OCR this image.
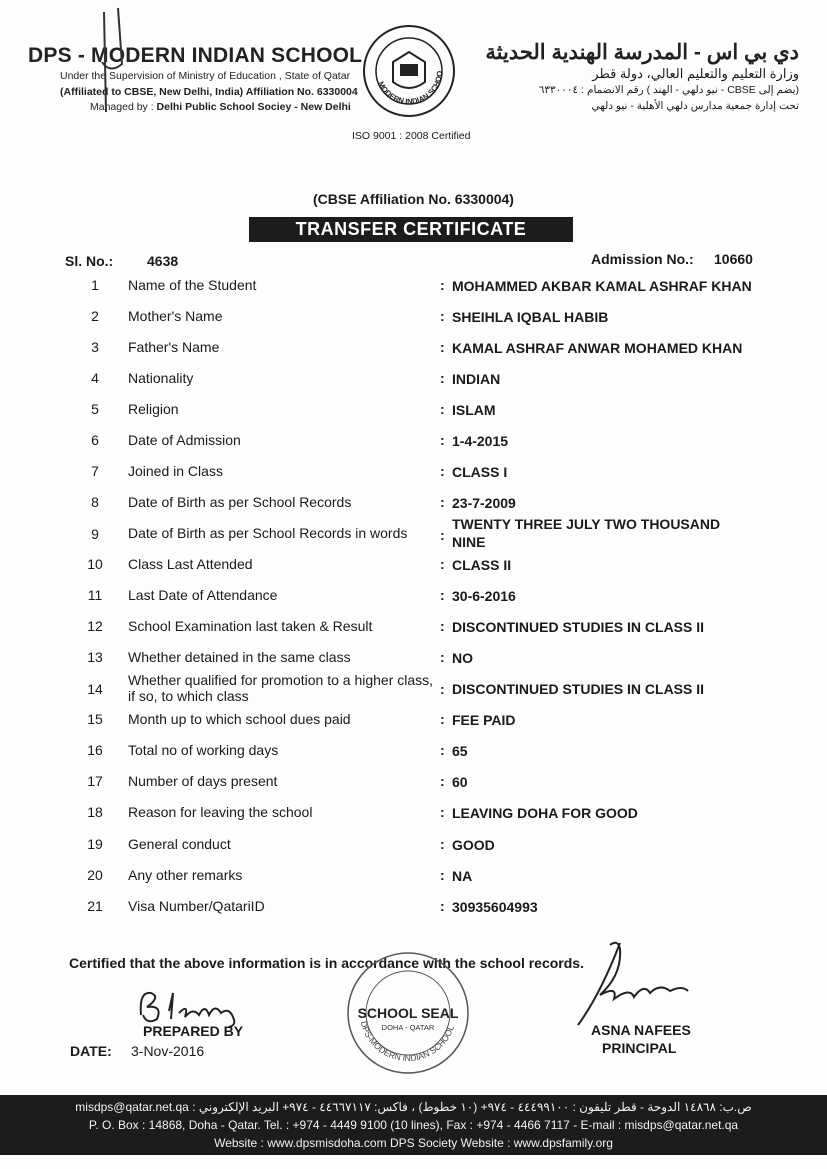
DPS - MODERN INDIAN SCHOOL
Under the Supervision of Ministry of Education , State of Qatar
(Affiliated to CBSE, New Delhi, India) Affiliation No. 6330004
Managed by : Delhi Public School Sociey - New Delhi
MODERN INDIAN SCHOO
ISO 9001 : 2008 Certified
دي بي اس - المدرسة الهندية الحديثة
وزارة التعليم والتعليم العالي، دولة قطر
(يضم إلى CBSE - نيو دلهي - الهند ) رقم الانضمام : ٦٣٣٠٠٠٤
تحت إدارة جمعية مدارس دلهي الأهلية - نيو دلهي
(CBSE Affiliation No. 6330004)
TRANSFER CERTIFICATE
Sl. No.: 4638	Admission No.: 10660
1	Name of the Student	: MOHAMMED AKBAR KAMAL ASHRAF KHAN
2	Mother's Name	: SHEIHLA IQBAL HABIB
3	Father's Name	: KAMAL ASHRAF ANWAR MOHAMED KHAN
4	Nationality	: INDIAN
5	Religion	: ISLAM
6	Date of Admission	: 1-4-2015
7	Joined in Class	: CLASS I
8	Date of Birth as per School Records	: 23-7-2009
9	Date of Birth as per School Records in words	:
TWENTY THREE JULY TWO THOUSAND NINE
10	Class Last Attended	: CLASS II
11	Last Date of Attendance	: 30-6-2016
12	School Examination last taken & Result	: DISCONTINUED STUDIES IN CLASS II
13	Whether detained in the same class	: NO
14
Whether qualified for promotion to a higher class, if so, to which class	: DISCONTINUED STUDIES IN CLASS II
15	Month up to which school dues paid	: FEE PAID
16	Total no of working days	: 65
17	Number of days present	: 60
18	Reason for leaving the school	: LEAVING DOHA FOR GOOD
19	General conduct	: GOOD
20	Any other remarks	: NA
21	Visa Number/QatariID	: 30935604993
Certified that the above information is in accordance with the school records.
PREPARED BY
DATE: 3-Nov-2016
DPS-MODERN INDIAN SCHOOL
SCHOOL SEAL
DOHA - QATAR	ASNA NAFEES
PRINCIPAL
misdps@qatar.net.qa : ص.ب: ١٤٨٦٨ الدوحة - قطر تليفون : ٤٤٤٩٩١٠٠ - ٩٧٤+ (١٠ خطوط) ، فاكس: ٤٤٦٦٧١١٧ - ٩٧٤+ البريد الإلكتروني
P. O. Box : 14868, Doha - Qatar. Tel. : +974 - 4449 9100 (10 lines), Fax : +974 - 4466 7117 - E-mail : misdps@qatar.net.qa
Website : www.dpsmisdoha.com DPS Society Website : www.dpsfamily.org
